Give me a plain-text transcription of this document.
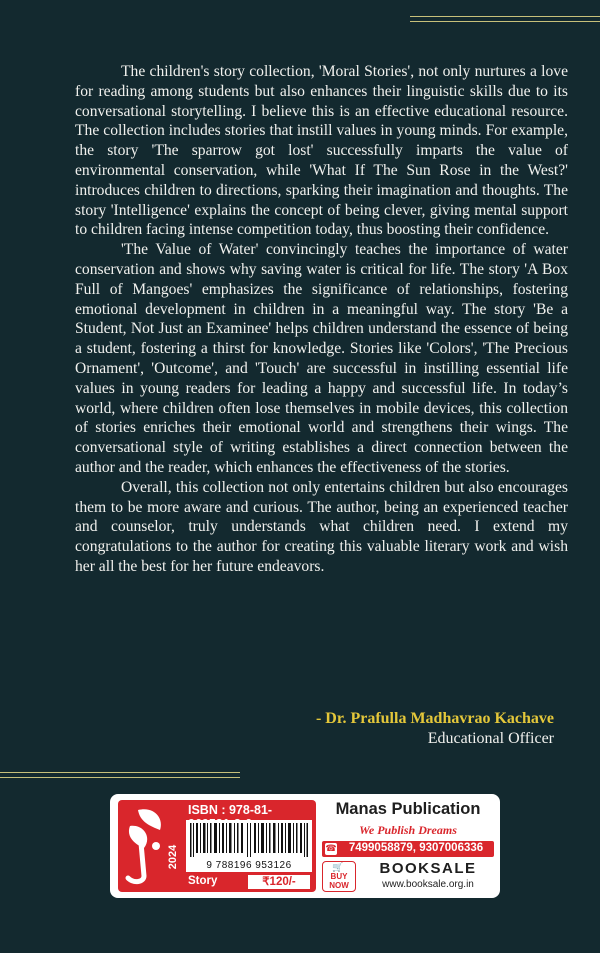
The children's story collection, 'Moral Stories', not only nurtures a love for reading among students but also enhances their linguistic skills due to its conversational storytelling. I believe this is an effective educational resource. The collection includes stories that instill values in young minds. For example, the story 'The sparrow got lost' successfully imparts the value of environmental conservation, while 'What If The Sun Rose in the West?' introduces children to directions, sparking their imagination and thoughts. The story 'Intelligence' explains the concept of being clever, giving mental support to children facing intense competition today, thus boosting their confidence.

'The Value of Water' convincingly teaches the importance of water conservation and shows why saving water is critical for life. The story 'A Box Full of Mangoes' emphasizes the significance of relationships, fostering emotional development in children in a meaningful way. The story 'Be a Student, Not Just an Examinee' helps children understand the essence of being a student, fostering a thirst for knowledge. Stories like 'Colors', 'The Precious Ornament', 'Outcome', and 'Touch' are successful in instilling essential life values in young readers for leading a happy and successful life. In today’s world, where children often lose themselves in mobile devices, this collection of stories enriches their emotional world and strengthens their wings. The conversational style of writing establishes a direct connection between the author and the reader, which enhances the effectiveness of the stories.

Overall, this collection not only entertains children but also encourages them to be more aware and curious. The author, being an experienced teacher and counselor, truly understands what children need. I extend my congratulations to the author for creating this valuable literary work and wish her all the best for her future endeavors.

- Dr. Prafulla Madhavrao Kachave
Educational Officer
ISBN : 978-81-
9 788196 953126
2024
Story	₹120/-
Manas Publication
We Publish Dreams
☎	7499058879, 9307006336
🛒
BUY
NOW
BOOKSALE
www.booksale.org.in
